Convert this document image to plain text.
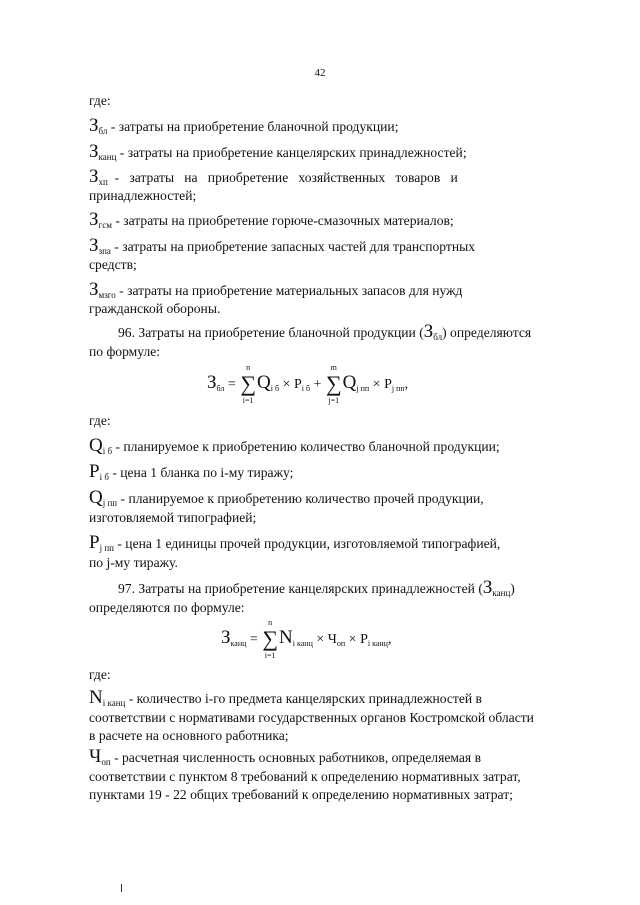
42
где:
$З_{бл}$ - затраты на приобретение бланочной продукции;
$З_{канц}$ - затраты на приобретение канцелярских принадлежностей;
$З_{хп}$  -   затраты   на   приобретение   хозяйственных   товаров   и
принадлежностей;
$З_{гсм}$ - затраты на приобретение горюче-смазочных материалов;
$З_{зпа}$ - затраты на приобретение запасных частей для транспортных
средств;
$З_{мзго}$ - затраты на приобретение материальных запасов для нужд
гражданской обороны.
96. Затраты на приобретение бланочной продукции $(З_{бл})$ определяются
по формуле:
$З_{бл}$ = ∑
n
i=1
$Q_{i б} \times P_{i б}$ + ∑
m
j=1
$Q_{j пп} \times P_{j пп}$,
где:
$Q_{i б}$ - планируемое к приобретению количество бланочной продукции;
$P_{i б}$ - цена 1 бланка по i-му тиражу;
$Q_{j пп}$ - планируемое к приобретению количество прочей продукции,
изготовляемой типографией;
$P_{j пп}$ - цена 1 единицы прочей продукции, изготовляемой типографией,
по j-му тиражу.
97. Затраты на приобретение канцелярских принадлежностей $(З_{канц})$
определяются по формуле:
$З_{канц}$ = ∑
n
i=1
$N_{i канц} \times Ч_{оп} \times P_{i канц}$,
где:
$N_{i канц}$ - количество i-го предмета канцелярских принадлежностей в
соответствии с нормативами государственных органов Костромской области
в расчете на основного работника;
$Ч_{оп}$ - расчетная численность основных работников, определяемая в
соответствии с пунктом 8 требований к определению нормативных затрат,
пунктами 19 - 22 общих требований к определению нормативных затрат;
